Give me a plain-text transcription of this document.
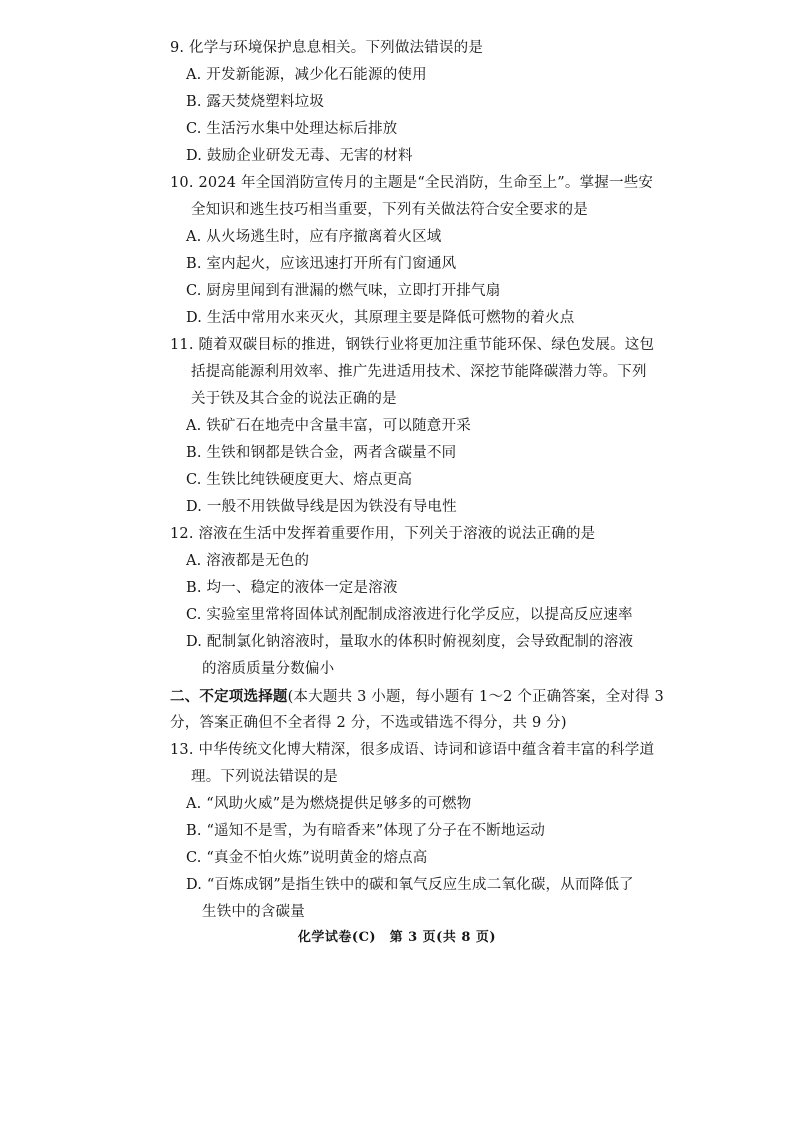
9. 化学与环境保护息息相关。下列做法错误的是
A. 开发新能源，减少化石能源的使用
B. 露天焚烧塑料垃圾
C. 生活污水集中处理达标后排放
D. 鼓励企业研发无毒、无害的材料
10. 2024 年全国消防宣传月的主题是“全民消防，生命至上”。掌握一些安
全知识和逃生技巧相当重要，下列有关做法符合安全要求的是
A. 从火场逃生时，应有序撤离着火区域
B. 室内起火，应该迅速打开所有门窗通风
C. 厨房里闻到有泄漏的燃气味，立即打开排气扇
D. 生活中常用水来灭火，其原理主要是降低可燃物的着火点
11. 随着双碳目标的推进，钢铁行业将更加注重节能环保、绿色发展。这包
括提高能源利用效率、推广先进适用技术、深挖节能降碳潜力等。下列
关于铁及其合金的说法正确的是
A. 铁矿石在地壳中含量丰富，可以随意开采
B. 生铁和钢都是铁合金，两者含碳量不同
C. 生铁比纯铁硬度更大、熔点更高
D. 一般不用铁做导线是因为铁没有导电性
12. 溶液在生活中发挥着重要作用，下列关于溶液的说法正确的是
A. 溶液都是无色的
B. 均一、稳定的液体一定是溶液
C. 实验室里常将固体试剂配制成溶液进行化学反应，以提高反应速率
D. 配制氯化钠溶液时，量取水的体积时俯视刻度，会导致配制的溶液
的溶质质量分数偏小
二、不定项选择题(本大题共 3 小题，每小题有 1～2 个正确答案，全对得 3
分，答案正确但不全者得 2 分，不选或错选不得分，共 9 分)
13. 中华传统文化博大精深，很多成语、诗词和谚语中蕴含着丰富的科学道
理。下列说法错误的是
A. “风助火威”是为燃烧提供足够多的可燃物
B. “遥知不是雪，为有暗香来”体现了分子在不断地运动
C. “真金不怕火炼”说明黄金的熔点高
D. “百炼成钢”是指生铁中的碳和氧气反应生成二氧化碳，从而降低了
生铁中的含碳量
化学试卷(C)　第 3 页(共 8 页)
